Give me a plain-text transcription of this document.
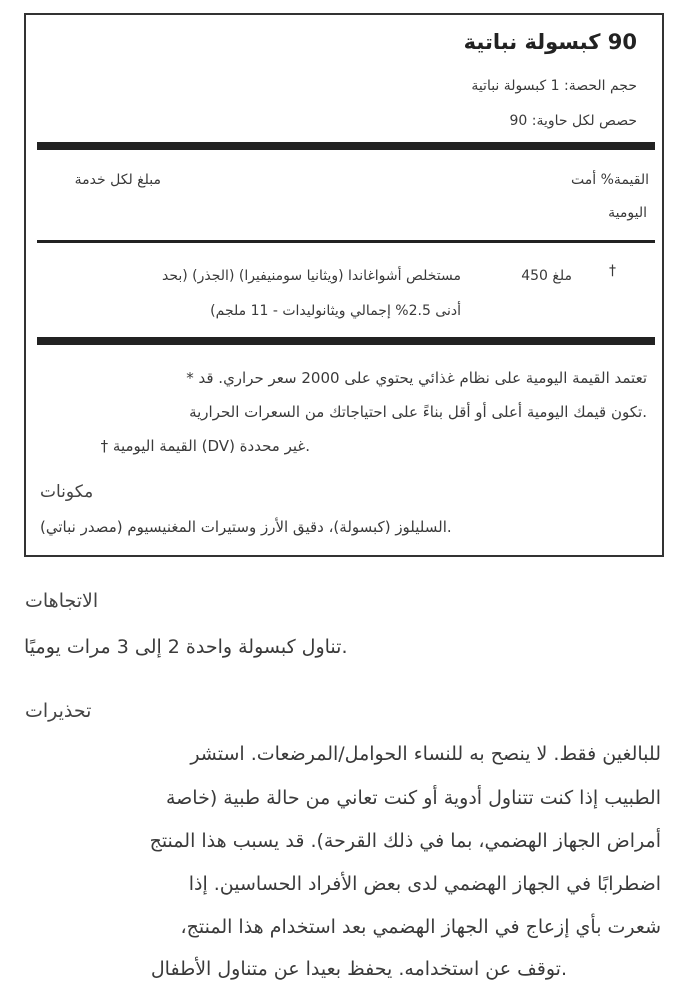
90 كبسولة نباتية
حجم الحصة: 1 كبسولة نباتية
حصص لكل حاوية: 90
القيمة% أمت
اليومية
مبلغ لكل خدمة
†
ملغ 450
مستخلص أشواغاندا (ويثانيا سومنيفيرا) (الجذر) (بحد
أدنى 2.5% إجمالي ويثانوليدات - 11 ملجم)
تعتمد القيمة اليومية على نظام غذائي يحتوي على 2000 سعر حراري. قد *
.تكون قيمك اليومية أعلى أو أقل بناءً على احتياجاتك من السعرات الحرارية
.غير محددة (DV) القيمة اليومية †
مكونات
.السليلوز (كبسولة)، دقيق الأرز وستيرات المغنيسيوم (مصدر نباتي)
الاتجاهات
.تناول كبسولة واحدة 2 إلى 3 مرات يوميًا
تحذيرات
للبالغين فقط. لا ينصح به للنساء الحوامل/المرضعات. استشر
الطبيب إذا كنت تتناول أدوية أو كنت تعاني من حالة طبية (خاصة
أمراض الجهاز الهضمي، بما في ذلك القرحة). قد يسبب هذا المنتج
اضطرابًا في الجهاز الهضمي لدى بعض الأفراد الحساسين. إذا
شعرت بأي إزعاج في الجهاز الهضمي بعد استخدام هذا المنتج،
.توقف عن استخدامه. يحفظ بعيدا عن متناول الأطفال
